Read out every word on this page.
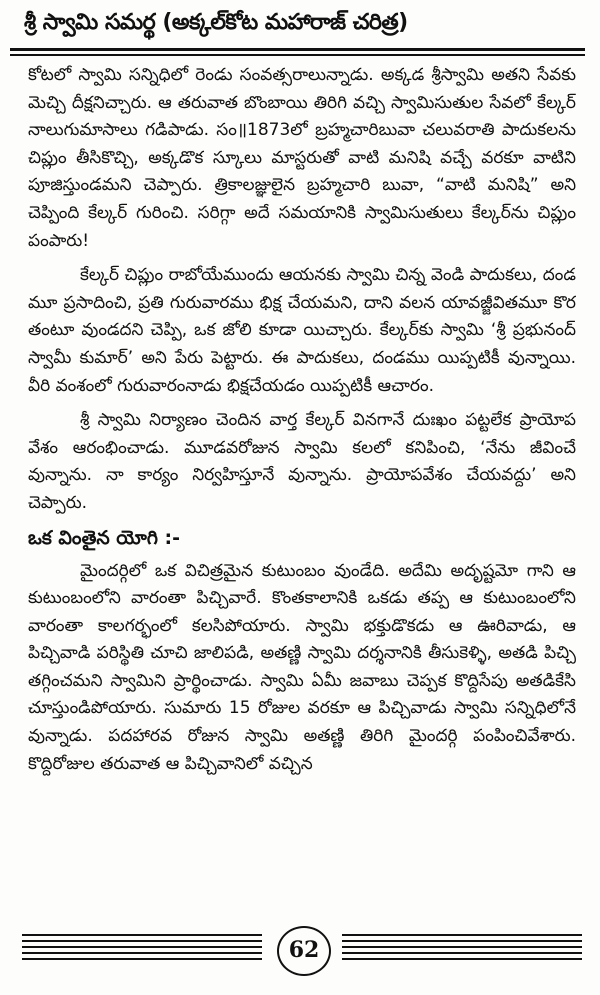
శ్రీ స్వామి సమర్థ (అక్కల్‌కోట మహారాజ్ చరిత్ర)

కోటలో స్వామి సన్నిధిలో రెండు సంవత్సరాలున్నాడు. అక్కడ శ్రీస్వామి అతని సేవకు మెచ్చి దీక్షనిచ్చారు. ఆ తరువాత బొంబాయి తిరిగి వచ్చి స్వామిసుతుల సేవలో కేల్కర్ నాలుగుమాసాలు గడిపాడు. సం॥1873లో బ్రహ్మచారిబువా చలువరాతి పాదుకలను చిప్లుం తీసికొచ్చి, అక్కడొక స్కూలు మాస్టరుతో వాటి మనిషి వచ్చే వరకూ వాటిని పూజిస్తుండమని చెప్పారు. త్రికాలజ్ఞులైన బ్రహ్మచారి బువా, “వాటి మనిషి” అని చెప్పింది కేల్కర్ గురించి. సరిగ్గా అదే సమయానికి స్వామిసుతులు కేల్కర్‌ను చిప్లుం పంపారు!

కేల్కర్ చిప్లుం రాబోయేముందు ఆయనకు స్వామి చిన్న వెండి పాదుకలు, దండమూ ప్రసాదించి, ప్రతి గురువారము భిక్ష చేయమని, దాని వలన యావజ్జీవితమూ కొరతంటూ వుండదని చెప్పి, ఒక జోలి కూడా యిచ్చారు. కేల్కర్‌కు స్వామి ‘శ్రీ ప్రభునంద్ స్వామీ కుమార్’ అని పేరు పెట్టారు. ఈ పాదుకలు, దండము యిప్పటికీ వున్నాయి. వీరి వంశంలో గురువారంనాడు భిక్షచేయడం యిప్పటికీ ఆచారం.

శ్రీ స్వామి నిర్యాణం చెందిన వార్త కేల్కర్ వినగానే దుఃఖం పట్టలేక ప్రాయోపవేశం ఆరంభించాడు. మూడవరోజున స్వామి కలలో కనిపించి, ‘నేను జీవించే వున్నాను. నా కార్యం నిర్వహిస్తూనే వున్నాను. ప్రాయోపవేశం చేయవద్దు’ అని చెప్పారు.

ఒక వింతైన యోగి :-

మైందర్గిలో ఒక విచిత్రమైన కుటుంబం వుండేది. అదేమి అదృష్టమో గాని ఆ కుటుంబంలోని వారంతా పిచ్చివారే. కొంతకాలానికి ఒకడు తప్ప ఆ కుటుంబంలోని వారంతా కాలగర్భంలో కలసిపోయారు. స్వామి భక్తుడొకడు ఆ ఊరివాడు, ఆ పిచ్చివాడి పరిస్థితి చూచి జాలిపడి, అతణ్ణి స్వామి దర్శనానికి తీసుకెళ్ళి, అతడి పిచ్చి తగ్గించమని స్వామిని ప్రార్థించాడు. స్వామి ఏమీ జవాబు చెప్పక కొద్దిసేపు అతడికేసి చూస్తుండిపోయారు. సుమారు 15 రోజుల వరకూ ఆ పిచ్చివాడు స్వామి సన్నిధిలోనే వున్నాడు. పదహారవ రోజున స్వామి అతణ్ణి తిరిగి మైందర్గి పంపించివేశారు. కొద్దిరోజుల తరువాత ఆ పిచ్చివానిలో వచ్చిన

62
